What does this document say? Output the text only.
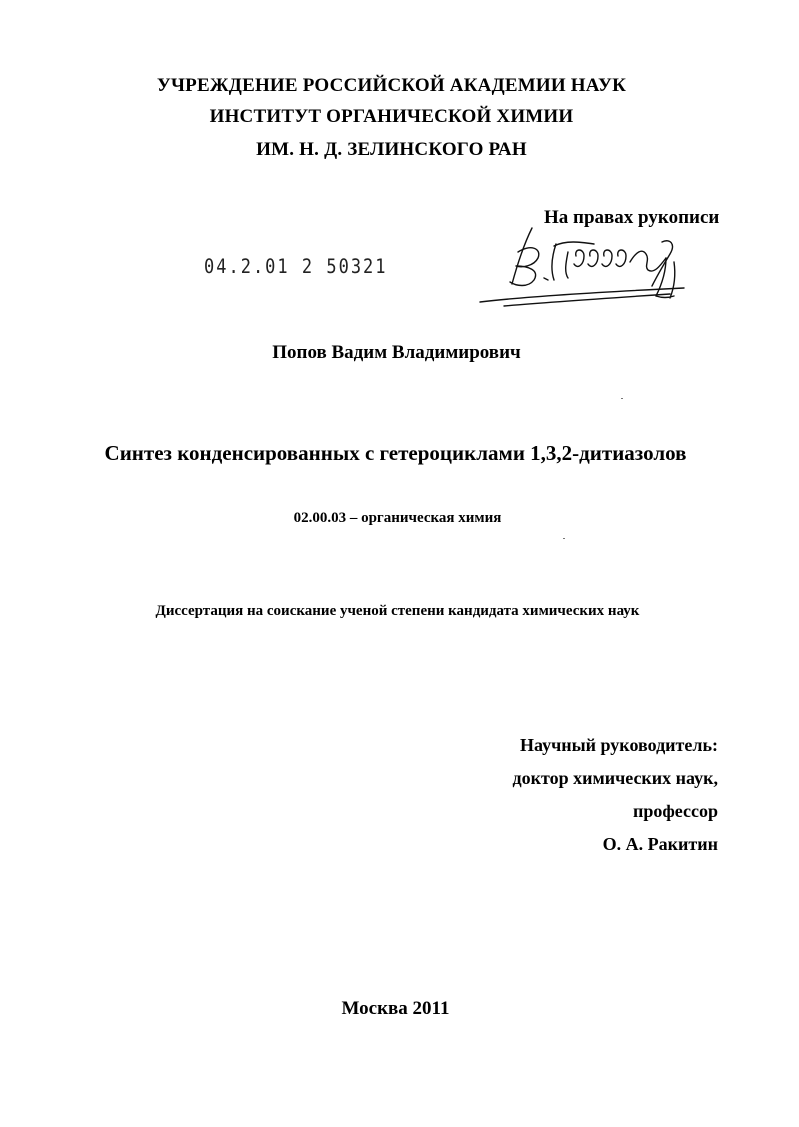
УЧРЕЖДЕНИЕ РОССИЙСКОЙ АКАДЕМИИ НАУК
ИНСТИТУТ ОРГАНИЧЕСКОЙ ХИМИИ
ИМ. Н. Д. ЗЕЛИНСКОГО РАН
На правах рукописи
04.2.01 2 50321
Попов Вадим Владимирович
Синтез конденсированных с гетероциклами 1,3,2-дитиазолов
02.00.03 – органическая химия
Диссертация на соискание ученой степени кандидата химических наук
Научный руководитель:
доктор химических наук,
профессор
О. А. Ракитин
Москва 2011
